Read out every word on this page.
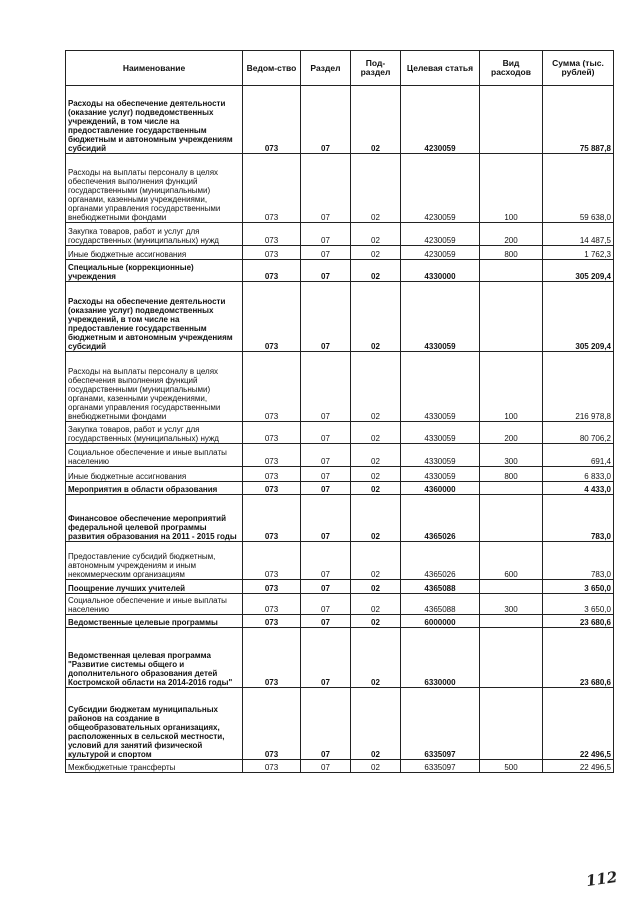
Наименование	Ведом-ство	Раздел	Под-раздел	Целевая статья	Вид расходов	Сумма (тыс. рублей)
Расходы на обеспечение деятельности (оказание услуг) подведомственных учреждений, в том числе на предоставление государственным бюджетным и автономным учреждениям субсидий	073	07	02	4230059		75 887,8
Расходы на выплаты персоналу в целях обеспечения выполнения функций государственными (муниципальными) органами, казенными учреждениями, органами управления государственными внебюджетными фондами	073	07	02	4230059	100	59 638,0
Закупка товаров, работ и услуг для государственных (муниципальных) нужд	073	07	02	4230059	200	14 487,5
Иные бюджетные ассигнования	073	07	02	4230059	800	1 762,3
Специальные (коррекционные) учреждения	073	07	02	4330000		305 209,4
Расходы на обеспечение деятельности (оказание услуг) подведомственных учреждений, в том числе на предоставление государственным бюджетным и автономным учреждениям субсидий	073	07	02	4330059		305 209,4
Расходы на выплаты персоналу в целях обеспечения выполнения функций государственными (муниципальными) органами, казенными учреждениями, органами управления государственными внебюджетными фондами	073	07	02	4330059	100	216 978,8
Закупка товаров, работ и услуг для государственных (муниципальных) нужд	073	07	02	4330059	200	80 706,2
Социальное обеспечение и иные выплаты населению	073	07	02	4330059	300	691,4
Иные бюджетные ассигнования	073	07	02	4330059	800	6 833,0
Мероприятия в области образования	073	07	02	4360000		4 433,0
Финансовое обеспечение мероприятий федеральной целевой программы развития образования на 2011 - 2015 годы	073	07	02	4365026		783,0
Предоставление субсидий бюджетным, автономным учреждениям и иным некоммерческим организациям	073	07	02	4365026	600	783,0
Поощрение лучших учителей	073	07	02	4365088		3 650,0
Социальное обеспечение и иные выплаты населению	073	07	02	4365088	300	3 650,0
Ведомственные целевые программы	073	07	02	6000000		23 680,6
Ведомственная целевая программа "Развитие системы общего и дополнительного образования детей Костромской области на 2014-2016 годы"	073	07	02	6330000		23 680,6
Субсидии бюджетам муниципальных районов на создание в общеобразовательных организациях, расположенных в сельской местности, условий для занятий физической культурой и спортом	073	07	02	6335097		22 496,5
Межбюджетные трансферты	073	07	02	6335097	500	22 496,5
112
